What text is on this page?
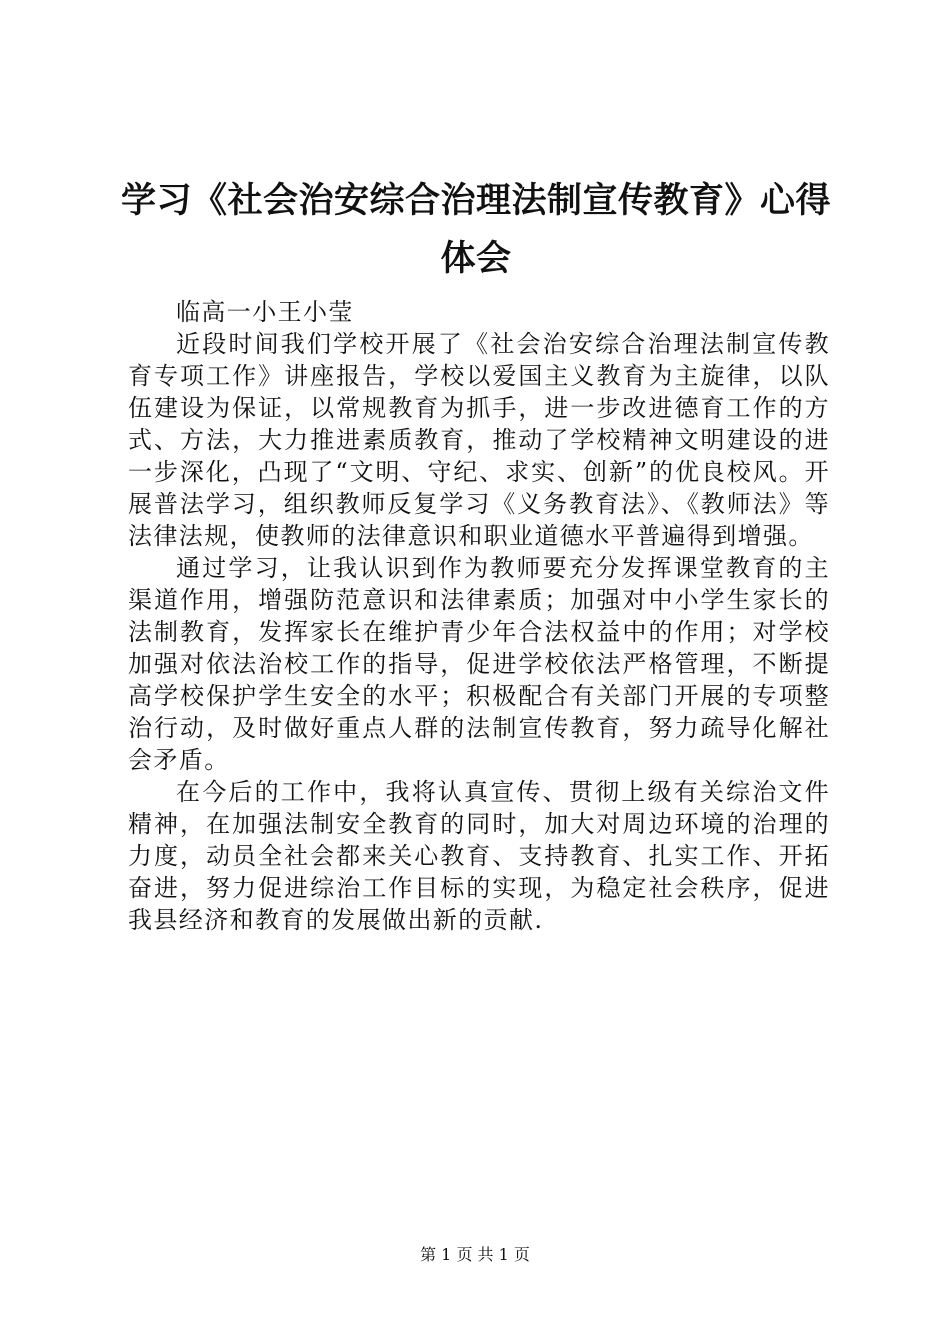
学习《社会治安综合治理法制宣传教育》心得体会

临高一小王小莹

近段时间我们学校开展了《社会治安综合治理法制宣传教育专项工作》讲座报告，学校以爱国主义教育为主旋律，以队伍建设为保证，以常规教育为抓手，进一步改进德育工作的方式、方法，大力推进素质教育，推动了学校精神文明建设的进一步深化，凸现了“文明、守纪、求实、创新”的优良校风。开展普法学习，组织教师反复学习《义务教育法》、《教师法》等法律法规，使教师的法律意识和职业道德水平普遍得到增强。

通过学习，让我认识到作为教师要充分发挥课堂教育的主渠道作用，增强防范意识和法律素质；加强对中小学生家长的法制教育，发挥家长在维护青少年合法权益中的作用；对学校加强对依法治校工作的指导，促进学校依法严格管理，不断提高学校保护学生安全的水平；积极配合有关部门开展的专项整治行动，及时做好重点人群的法制宣传教育，努力疏导化解社会矛盾。

在今后的工作中，我将认真宣传、贯彻上级有关综治文件精神，在加强法制安全教育的同时，加大对周边环境的治理的力度，动员全社会都来关心教育、支持教育、扎实工作、开拓奋进，努力促进综治工作目标的实现，为稳定社会秩序，促进我县经济和教育的发展做出新的贡献.

第 1 页 共 1 页
